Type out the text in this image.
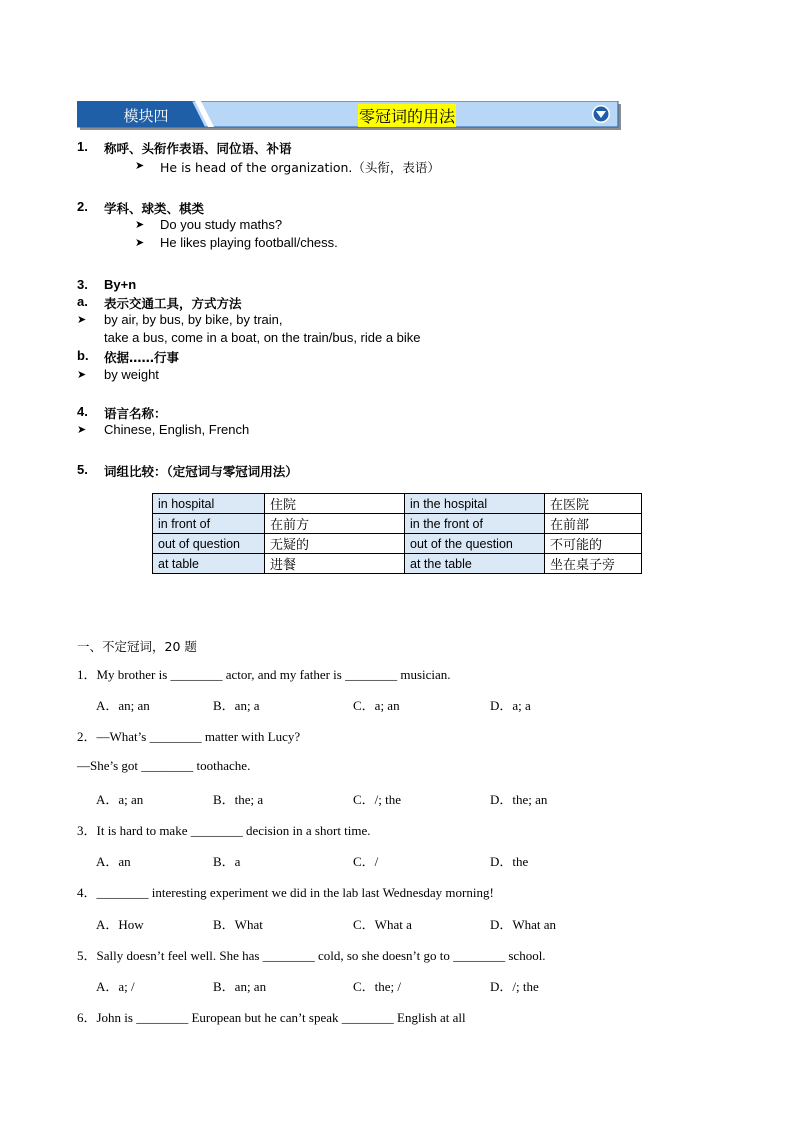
模块四	零冠词的用法
1. 称呼、头衔作表语、同位语、补语
➤ He is head of the organization.（头衔，表语）
2. 学科、球类、棋类
➤ Do you study maths?
➤ He likes playing football/chess.
3. By+n
a. 表示交通工具，方式方法
➤ by air, by bus, by bike, by train,
take a bus, come in a boat, on the train/bus, ride a bike
b. 依据……行事
➤ by weight
4. 语言名称：
➤ Chinese, English, French
5. 词组比较：（定冠词与零冠词用法）
in hospital	住院	in the hospital	在医院
in front of	在前方	in the front of	在前部
out of question	无疑的	out of the question	不可能的
at table	进餐	at the table	坐在桌子旁
一、不定冠词，20 题
1．My brother is ________ actor, and my father is ________ musician.
A．an; an	B．an; a	C．a; an	D．a; a
2．—What’s ________ matter with Lucy?
—She’s got ________ toothache.
A．a; an	B．the; a	C．/; the	D．the; an
3．It is hard to make ________ decision in a short time.
A．an	B．a	C．/	D．the
4．________ interesting experiment we did in the lab last Wednesday morning!
A．How	B．What	C．What a	D．What an
5．Sally doesn’t feel well. She has ________ cold, so she doesn’t go to ________ school.
A．a; /	B．an; an	C．the; /	D．/; the
6．John is ________ European but he can’t speak ________ English at all
